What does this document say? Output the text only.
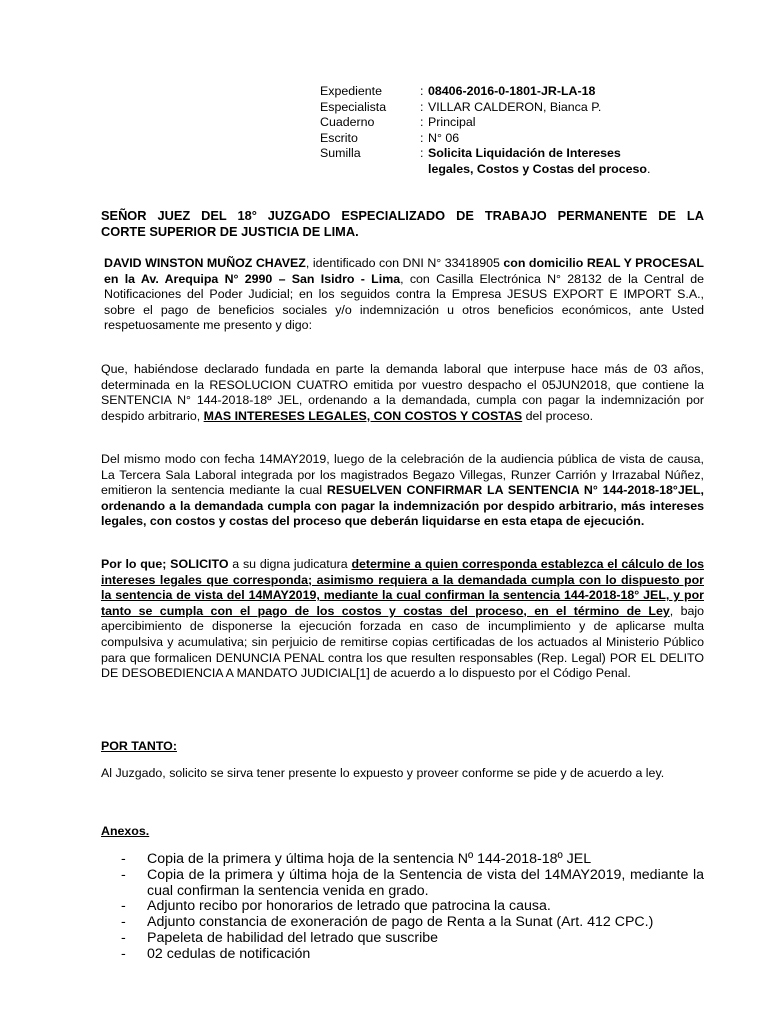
Expediente	: 08406-2016-0-1801-JR-LA-18
Especialista	: VILLAR CALDERON, Bianca P.
Cuaderno	: Principal
Escrito	: N° 06
Sumilla	: Solicita Liquidación de Intereses
legales, Costos y Costas del proceso.
SEÑOR JUEZ DEL 18° JUZGADO ESPECIALIZADO DE TRABAJO PERMANENTE DE LA
CORTE SUPERIOR DE JUSTICIA DE LIMA.
DAVID WINSTON MUÑOZ CHAVEZ, identificado con DNI N° 33418905 con domicilio REAL Y PROCESAL en la Av. Arequipa N° 2990 – San Isidro - Lima, con Casilla Electrónica N° 28132 de la Central de Notificaciones del Poder Judicial; en los seguidos contra la Empresa JESUS EXPORT E IMPORT S.A., sobre el pago de beneficios sociales y/o indemnización u otros beneficios económicos, ante Usted respetuosamente me presento y digo:
Que, habiéndose declarado fundada en parte la demanda laboral que interpuse hace más de 03 años, determinada en la RESOLUCION CUATRO emitida por vuestro despacho el 05JUN2018, que contiene la SENTENCIA N° 144-2018-18º JEL, ordenando a la demandada, cumpla con pagar la indemnización por despido arbitrario, MAS INTERESES LEGALES, CON COSTOS Y COSTAS del proceso.
Del mismo modo con fecha 14MAY2019, luego de la celebración de la audiencia pública de vista de causa, La Tercera Sala Laboral integrada por los magistrados Begazo Villegas, Runzer Carrión y Irrazabal Núñez, emitieron la sentencia mediante la cual RESUELVEN CONFIRMAR LA SENTENCIA N° 144-2018-18°JEL, ordenando a la demandada cumpla con pagar la indemnización por despido arbitrario, más intereses legales, con costos y costas del proceso que deberán liquidarse en esta etapa de ejecución.
Por lo que; SOLICITO a su digna judicatura determine a quien corresponda establezca el cálculo de los intereses legales que corresponda; asimismo requiera a la demandada cumpla con lo dispuesto por la sentencia de vista del 14MAY2019, mediante la cual confirman la sentencia 144-2018-18° JEL, y por tanto se cumpla con el pago de los costos y costas del proceso, en el término de Ley, bajo apercibimiento de disponerse la ejecución forzada en caso de incumplimiento y de aplicarse multa compulsiva y acumulativa; sin perjuicio de remitirse copias certificadas de los actuados al Ministerio Público para que formalicen DENUNCIA PENAL contra los que resulten responsables (Rep. Legal) POR EL DELITO DE DESOBEDIENCIA A MANDATO JUDICIAL[1] de acuerdo a lo dispuesto por el Código Penal.
POR TANTO:
Al Juzgado, solicito se sirva tener presente lo expuesto y proveer conforme se pide y de acuerdo a ley.
Anexos.
-	Copia de la primera y última hoja de la sentencia Nº 144-2018-18º JEL
-	Copia de la primera y última hoja de la Sentencia de vista del 14MAY2019, mediante la cual confirman la sentencia venida en grado.
-	Adjunto recibo por honorarios de letrado que patrocina la causa.
-	Adjunto constancia de exoneración de pago de Renta a la Sunat (Art. 412 CPC.)
-	Papeleta de habilidad del letrado que suscribe
-	02 cedulas de notificación
